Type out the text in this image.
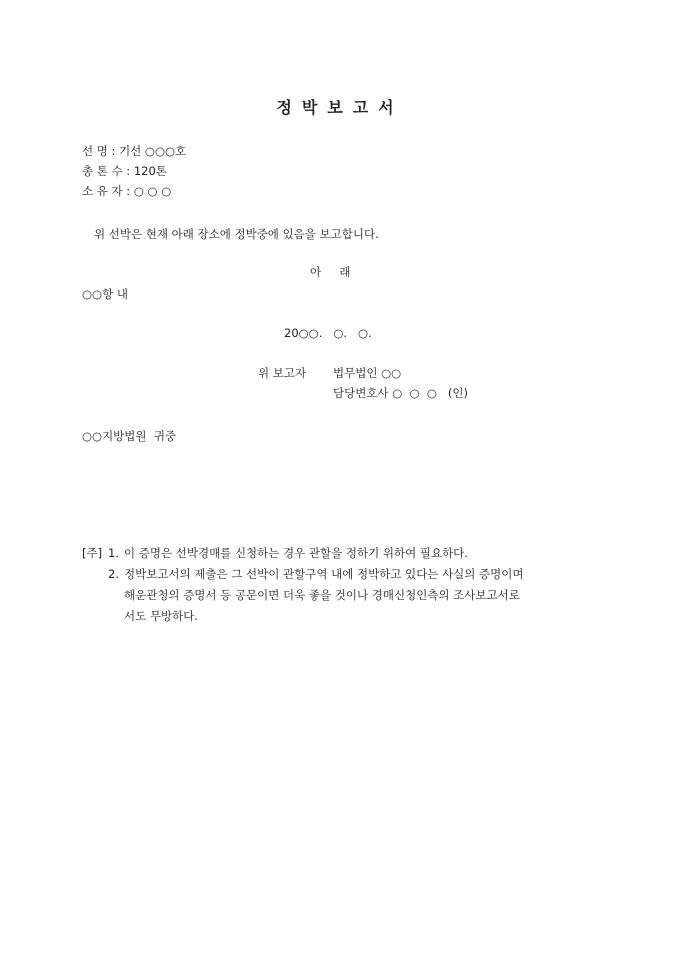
정박보고서
선 명 : 기선 ○○○호
총 톤 수 : 120톤
소 유 자 : ○ ○ ○
위 선박은 현재 아래 장소에 정박중에 있음을 보고합니다.
아     래
○○항 내
20○○.   ○.   ○.
위 보고자 법무법인 ○○
담당변호사 ○  ○  ○   (인)
○○지방법원  귀중
[주] 1. 이 증명은 선박경매를 신청하는 경우 관할을 정하기 위하여 필요하다.
2. 정박보고서의 제출은 그 선박이 관할구역 내에 정박하고 있다는 사실의 증명이며
해운관청의 증명서 등 공문이면 더욱 좋을 것이나 경매신청인측의 조사보고서로
서도 무방하다.
